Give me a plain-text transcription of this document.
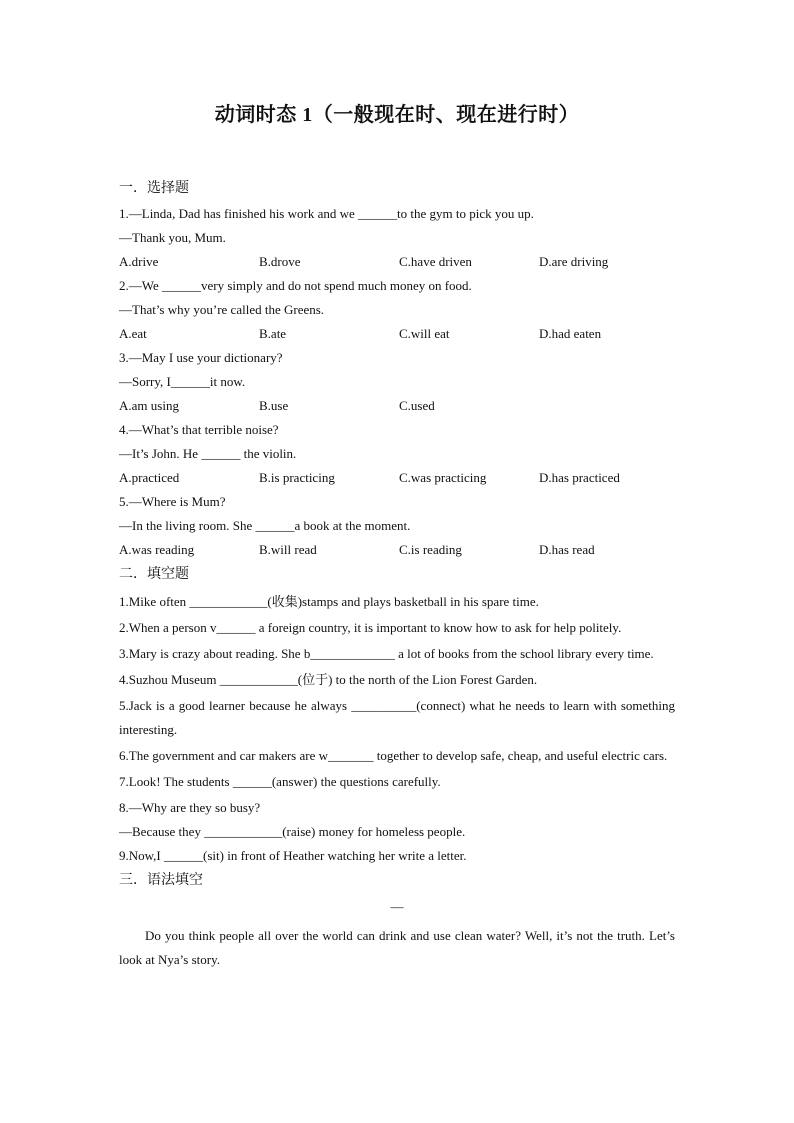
动词时态 1（一般现在时、现在进行时）
一．选择题
1.—Linda, Dad has finished his work and we ______to the gym to pick you up.
—Thank you, Mum.
A.drive	B.drove	C.have driven	D.are driving
2.—We ______very simply and do not spend much money on food.
—That’s why you’re called the Greens.
A.eat	B.ate	C.will eat	D.had eaten
3.—May I use your dictionary?
—Sorry, I______it now.
A.am using	B.use	C.used
4.—What’s that terrible noise?
—It’s John. He ______ the violin.
A.practiced	B.is practicing	C.was practicing	D.has practiced
5.—Where is Mum?
—In the living room. She ______a book at the moment.
A.was reading	B.will read	C.is reading	D.has read
二．填空题
1.Mike often ____________(收集)stamps and plays basketball in his spare time.
2.When a person v______ a foreign country, it is important to know how to ask for help politely.
3.Mary is crazy about reading. She b_____________ a lot of books from the school library every time.
4.Suzhou Museum ____________(位于) to the north of the Lion Forest Garden.
5.Jack is a good learner because he always __________(connect) what he needs to learn with something interesting.
6.The government and car makers are w_______ together to develop safe, cheap, and useful electric cars.
7.Look! The students ______(answer) the questions carefully.
8.—Why are they so busy?
—Because they ____________(raise) money for homeless people.
9.Now,I ______(sit) in front of Heather watching her write a letter.
三．语法填空
—
Do you think people all over the world can drink and use clean water? Well, it’s not the truth. Let’s look at Nya’s story.
